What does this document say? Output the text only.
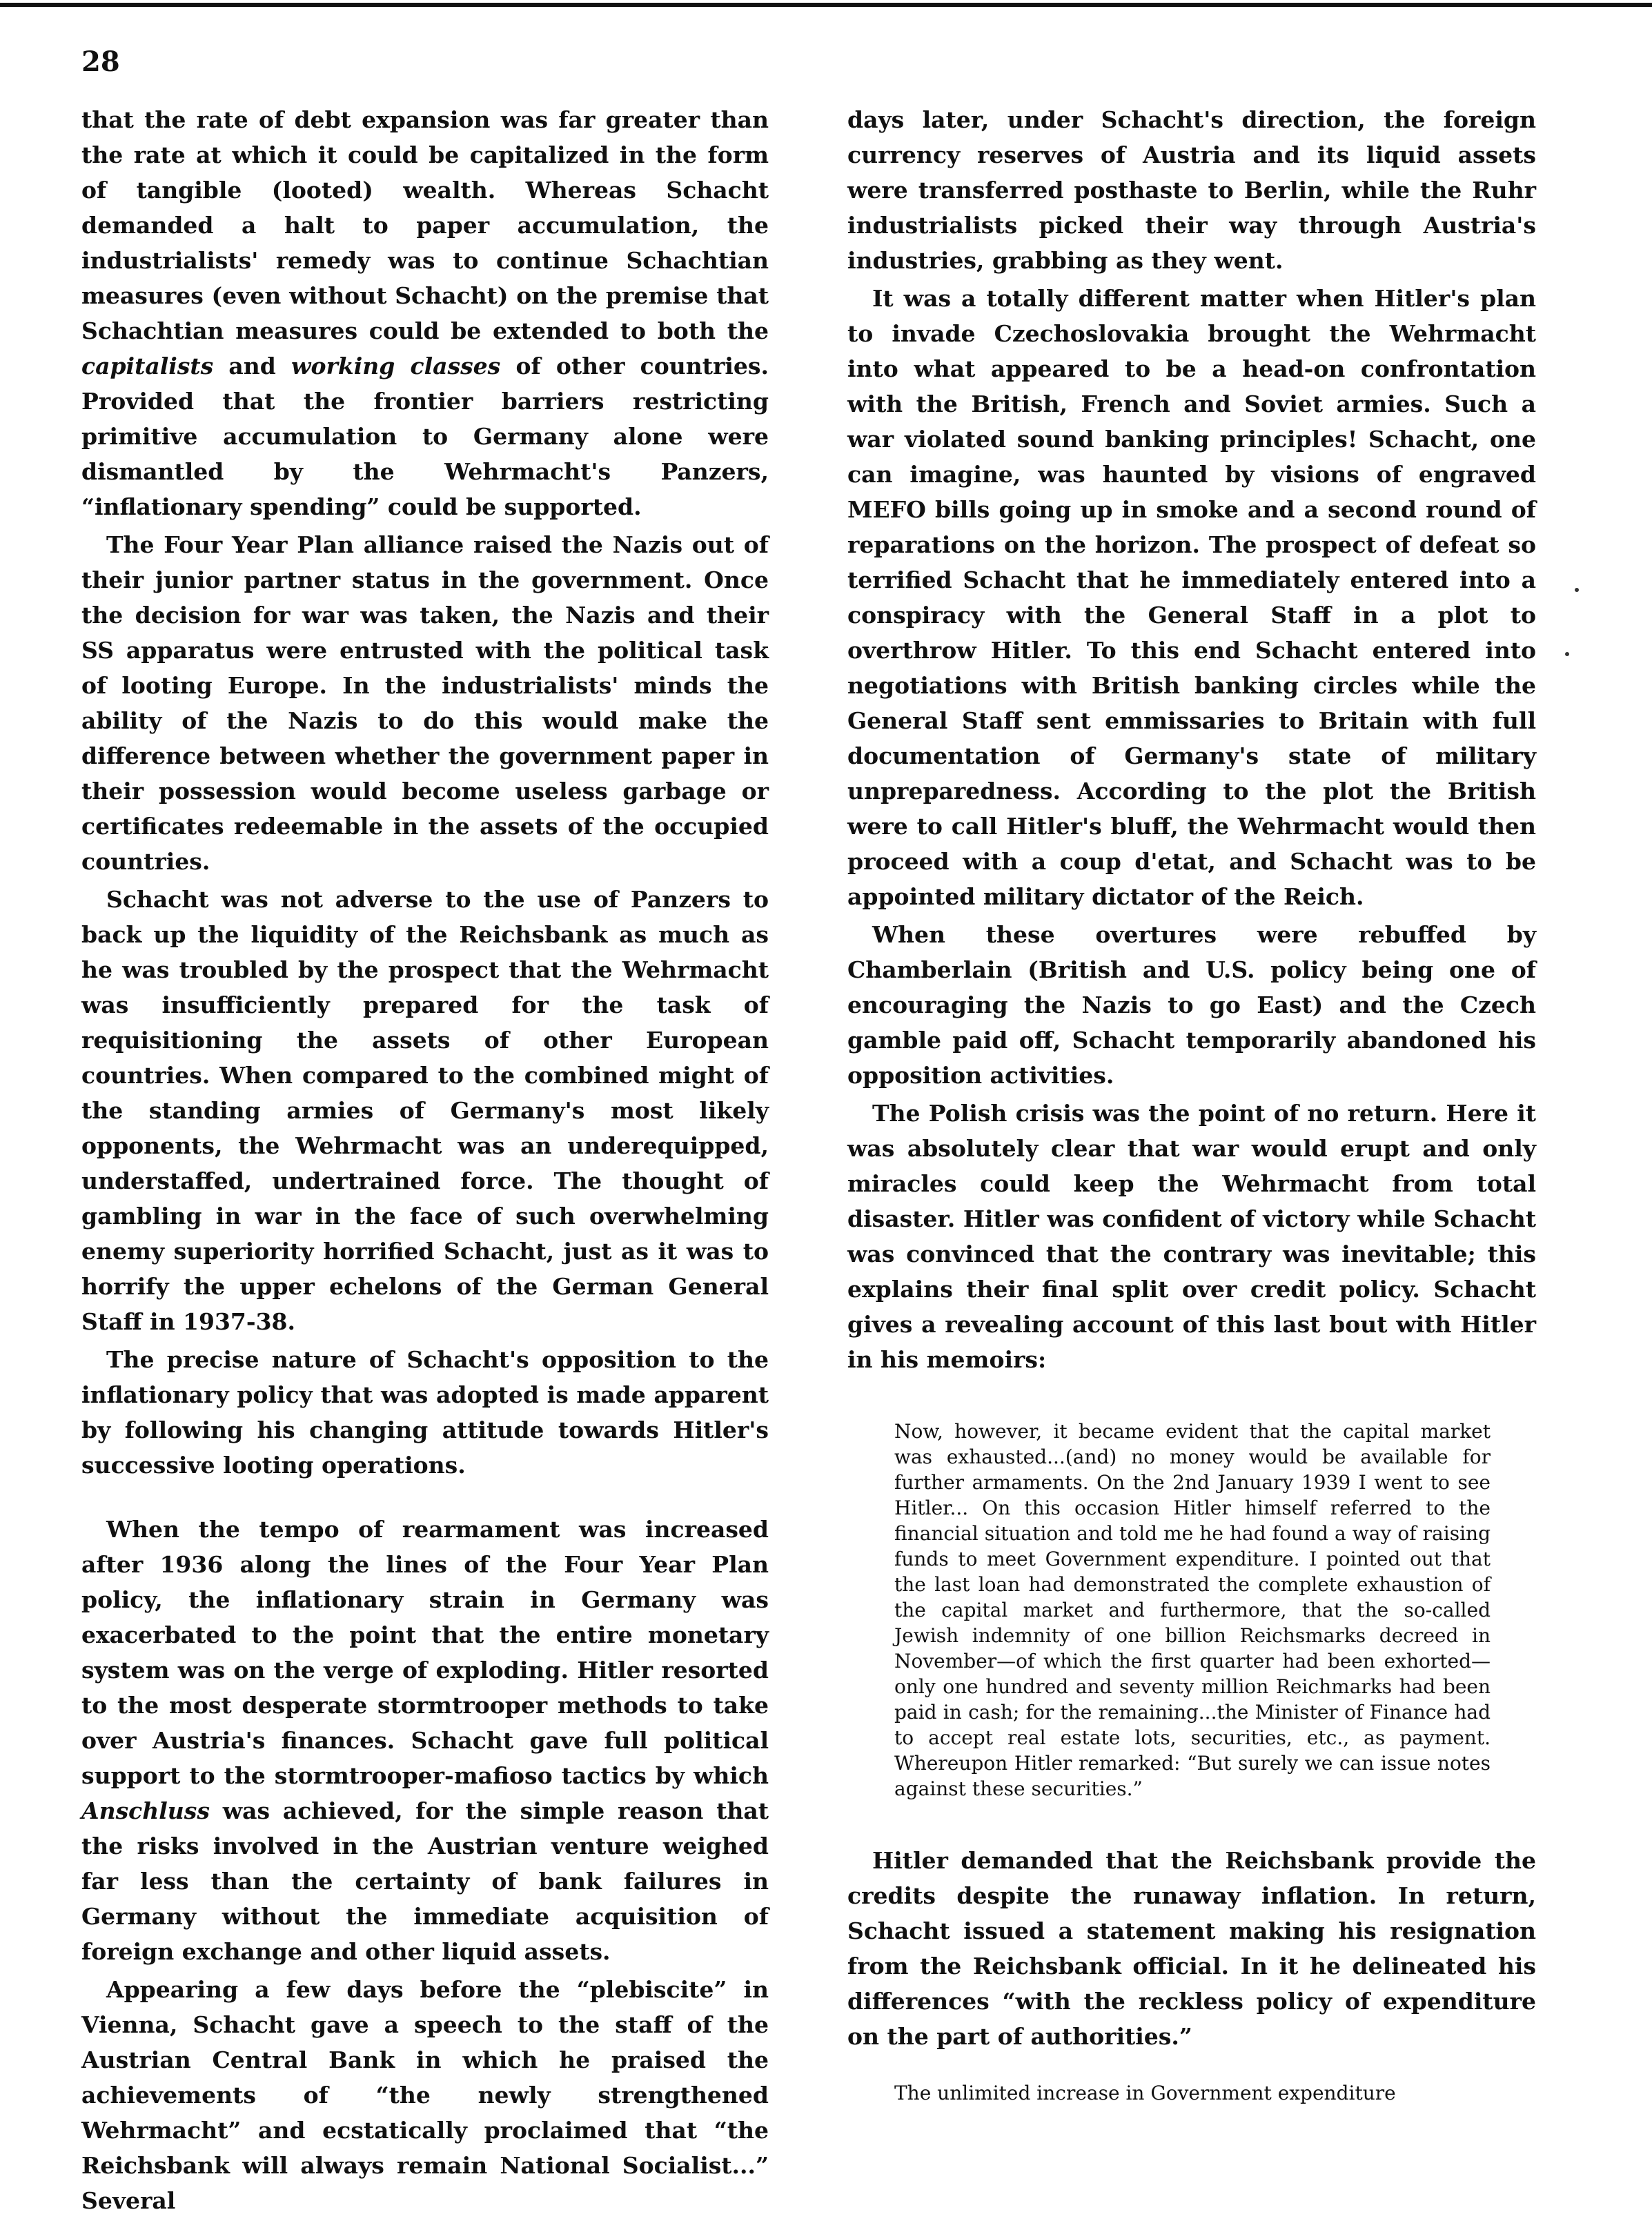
28

that the rate of debt expansion was far greater than the rate at which it could be capitalized in the form of tangible (looted) wealth. Whereas Schacht demanded a halt to paper accumulation, the industrialists' remedy was to continue Schachtian measures (even without Schacht) on the premise that Schachtian measures could be extended to both the capitalists and working classes of other countries. Provided that the frontier barriers restricting primitive accumulation to Germany alone were dismantled by the Wehrmacht's Panzers, “inflationary spending” could be supported.

The Four Year Plan alliance raised the Nazis out of their junior partner status in the government. Once the decision for war was taken, the Nazis and their SS apparatus were entrusted with the political task of looting Europe. In the industrialists' minds the ability of the Nazis to do this would make the difference between whether the government paper in their possession would become useless garbage or certificates redeemable in the assets of the occupied countries.

Schacht was not adverse to the use of Panzers to back up the liquidity of the Reichsbank as much as he was troubled by the prospect that the Wehrmacht was insufficiently prepared for the task of requisitioning the assets of other European countries. When compared to the combined might of the standing armies of Germany's most likely opponents, the Wehrmacht was an underequipped, understaffed, undertrained force. The thought of gambling in war in the face of such overwhelming enemy superiority horrified Schacht, just as it was to horrify the upper echelons of the German General Staff in 1937-38.

The precise nature of Schacht's opposition to the inflationary policy that was adopted is made apparent by following his changing attitude towards Hitler's successive looting operations.

When the tempo of rearmament was increased after 1936 along the lines of the Four Year Plan policy, the inflationary strain in Germany was exacerbated to the point that the entire monetary system was on the verge of exploding. Hitler resorted to the most desperate stormtrooper methods to take over Austria's finances. Schacht gave full political support to the stormtrooper-mafioso tactics by which Anschluss was achieved, for the simple reason that the risks involved in the Austrian venture weighed far less than the certainty of bank failures in Germany without the immediate acquisition of foreign exchange and other liquid assets.

Appearing a few days before the “plebiscite” in Vienna, Schacht gave a speech to the staff of the Austrian Central Bank in which he praised the achievements of “the newly strengthened Wehrmacht” and ecstatically proclaimed that “the Reichsbank will always remain National Socialist...” Several

days later, under Schacht's direction, the foreign currency reserves of Austria and its liquid assets were transferred posthaste to Berlin, while the Ruhr industrialists picked their way through Austria's industries, grabbing as they went.

It was a totally different matter when Hitler's plan to invade Czechoslovakia brought the Wehrmacht into what appeared to be a head-on confrontation with the British, French and Soviet armies. Such a war violated sound banking principles! Schacht, one can imagine, was haunted by visions of engraved MEFO bills going up in smoke and a second round of reparations on the horizon. The prospect of defeat so terrified Schacht that he immediately entered into a conspiracy with the General Staff in a plot to overthrow Hitler. To this end Schacht entered into negotiations with British banking circles while the General Staff sent emmissaries to Britain with full documentation of Germany's state of military unpreparedness. According to the plot the British were to call Hitler's bluff, the Wehrmacht would then proceed with a coup d'etat, and Schacht was to be appointed military dictator of the Reich.

When these overtures were rebuffed by Chamberlain (British and U.S. policy being one of encouraging the Nazis to go East) and the Czech gamble paid off, Schacht temporarily abandoned his opposition activities.

The Polish crisis was the point of no return. Here it was absolutely clear that war would erupt and only miracles could keep the Wehrmacht from total disaster. Hitler was confident of victory while Schacht was convinced that the contrary was inevitable; this explains their final split over credit policy. Schacht gives a revealing account of this last bout with Hitler in his memoirs:

Now, however, it became evident that the capital market was exhausted...(and) no money would be available for further armaments. On the 2nd January 1939 I went to see Hitler... On this occasion Hitler himself referred to the financial situation and told me he had found a way of raising funds to meet Government expenditure. I pointed out that the last loan had demonstrated the complete exhaustion of the capital market and furthermore, that the so-called Jewish indemnity of one billion Reichsmarks decreed in November—of which the first quarter had been exhorted—only one hundred and seventy million Reichmarks had been paid in cash; for the remaining...the Minister of Finance had to accept real estate lots, securities, etc., as payment. Whereupon Hitler remarked: “But surely we can issue notes against these securities.”

Hitler demanded that the Reichsbank provide the credits despite the runaway inflation. In return, Schacht issued a statement making his resignation from the Reichsbank official. In it he delineated his differences “with the reckless policy of expenditure on the part of authorities.”

The unlimited increase in Government expenditure
